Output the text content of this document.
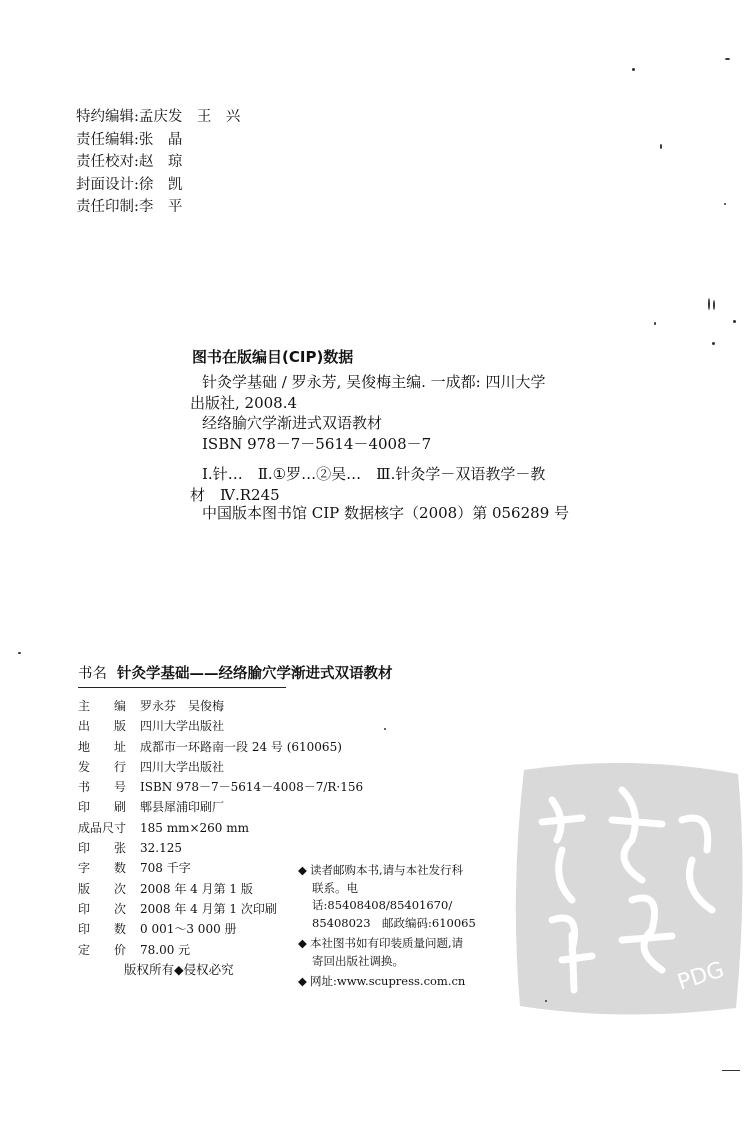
特约编辑:孟庆发　王　兴
责任编辑:张　晶
责任校对:赵　琼
封面设计:徐　凯
责任印制:李　平
图书在版编目(CIP)数据
针灸学基础 / 罗永芳, 吴俊梅主编. 一成都: 四川大学
出版社, 2008.4
经络腧穴学渐进式双语教材
ISBN 978－7－5614－4008－7
Ⅰ.针…　Ⅱ.①罗…②吴…　Ⅲ.针灸学－双语教学－教
材　Ⅳ.R245
中国版本图书馆 CIP 数据核字（2008）第 056289 号
书名 针灸学基础——经络腧穴学渐进式双语教材
主　　编	罗永芬　吴俊梅
出　　版	四川大学出版社
地　　址	成都市一环路南一段 24 号 (610065)
发　　行	四川大学出版社
书　　号	ISBN 978－7－5614－4008－7/R·156
印　　刷	郫县犀浦印刷厂
成品尺寸	185 mm×260 mm
印　　张	32.125
字　　数	708 千字
版　　次	2008 年 4 月第 1 版
印　　次	2008 年 4 月第 1 次印刷
印　　数	0 001～3 000 册
定　　价	78.00 元
◆ 读者邮购本书,请与本社发行科
联系。电 话:85408408/85401670/
85408023　邮政编码:610065
◆ 本社图书如有印装质量问题,请
寄回出版社调换。
◆ 网址:www.scupress.com.cn
版权所有◆侵权必究	PDG
